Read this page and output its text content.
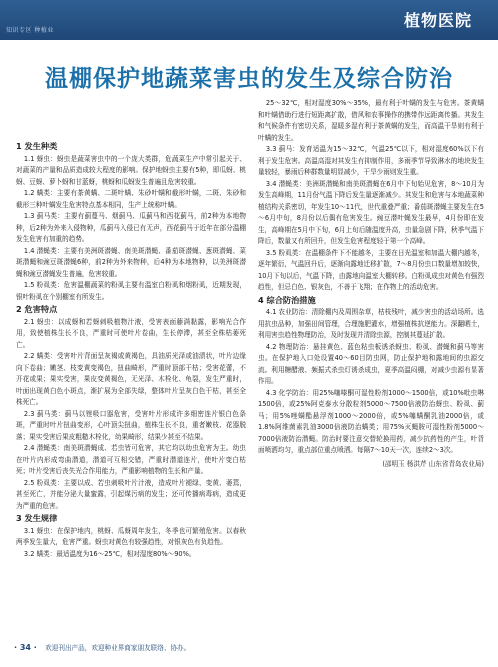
知识专区 种植业
植物医院
温棚保护地蔬菜害虫的发生及综合防治
1 发生种类
1.1 蚜虫：蚜虫是蔬菜害虫中的一个庞大类群，危蔬菜生产中常引起关于、对蔬菜的产量和品质造成较大程度的影响。保护地蚜虫主要有5种，即瓜蚜、桃蚜、豆蚜、萝卜蚜和甘蓝蚜，桃蚜和瓜蚜发生普遍且危害较重。
1.2 螨类：主要有茶黄螨、二斑叶螨、朱砂叶螨和截形叶螨，二斑、朱砂和截形三种叶螨发生危害特点基本相同，生产上统称叶螨。
1.3 蓟马类：主要有蓟蔓马、烟蓟马、瓜蓟马和西花蓟马，前2种为本地物种，后2种为外来入侵物种，瓜蓟马入侵已有无声，西花蓟马于近年在部分温棚发生危害有加重的趋势。
1.4 潜蝇类：主要有美洲斑潜蝇、南美斑潜蝇、番茄斑潜蝇、葱斑潜蝇、菜斑潜蝇和豌豆斑潜蝇6种，前2种为外来物种，后4种为本地物种，以美洲斑潜蝇和豌豆潜蝇发生普遍，危害较重。
1.5 粉虱类：危害温棚蔬菜的粉虱主要有温室白粉虱和烟粉虱，近期发现，银叶粉虱在个别棚室有所发生。
2 危害特点
2.1 蚜虫：以成蚜和若蚜刺吸植物汁液，受害表面藤满黏露，影响光合作用，致使植株生长不良，严重时可使叶片卷曲，生长停滞，甚至全株枯萎死亡。
2.2 螨类：受害叶片背面呈灰褐或黄褐色，具油质光泽或油渍状，叶片边缘向下卷曲；嫩茎、枝变黄变褐色，扭曲畸形，严重时顶部干枯；受害花蕾，不开花或果；果实受害，果皮变黄褐色，无光泽、木栓化、龟裂，发生严重时，叶面出现黄白色小斑点，渐扩展为全部失绿，整体叶片呈灰白色干枯，甚至全株死亡。
2.3 蓟马类：蓟马以锉吸口器危害，受害叶片形成许多细密连片银白色条斑，严重时叶片扭曲变形，心叶顶尖扭曲，植株生长不良，重者嫩枝、花器脱落；果实受害后果皮粗糙木栓化，幼果畸形，结果少甚至不结果。
2.4 潜蝇类：南美斑潜蝇成、若虫皆可危害，其它均以幼虫危害为主。幼虫在叶片内形成弯曲潜道，潜道可互相交错，严重时潜道连片，使叶片变白枯死；叶片受害后丧失光合作用能力，严重影响植物的生长和产量。
2.5 粉虱类：主要以成、若虫刺吸叶片汁液，造成叶片褪绿、变黄、萎蔫，甚至死亡，并能分泌大量蜜露，引起煤污病的发生；还可传播病毒病，造成更为严重的危害。
3 发生规律
3.1 蚜虫：在保护地内，桃蚜、瓜蚜周年发生，冬季也可繁殖危害。以春秋两季发生量大，危害严重。蚜虫对黄色有较强趋性，对银灰色有负趋性。
3.2 螨类：最适温度为16～25℃，相对湿度80%～90%。
25～32℃，相对湿度30%～35%，最有利于叶螨的发生与危害。茶黄螨和叶螨借助行进行短距离扩散，借风和农事操作的携带作远距离传播。其发生和气候条件有密切关系，湿暖多湿有利于茶黄螨的发生，而高温干旱则有利于叶螨的发生。
3.3 蓟马：发育适温为15～32℃，气温25℃以下，相对湿度60%以下有利于发生危害。高温高湿对其发生有抑制作用，多雨季节导致淋水的地块发生量较轻，暴雨后种群数量明显减少，干旱少雨则发生重。
3.4 潜蝇类：美洲斑潜蝇和南美斑潜蝇在6月中下旬始见危害，8～10月为发生高峰期，11月份气温下降后发生量逐渐减少。其发生和危害与本地蔬菜种植结构关系密切，年发生10～11代，世代重叠严重；番茄斑潜蝇主要发生在5～6月中旬，8月份以后偶有危害发生。豌豆潜叶蝇发生最早，4月份即在发生，高峰期在5月中下旬，6月上旬后随温度升高，虫量急剧下降，秋季气温下降后，数量又有所回升，但发生危害程度轻于第一个高峰。
3.5 粉虱类：在温棚条件下不能越冬，主要在日光温室和加温大棚内越冬，逐年繁衍，气温回升后，逐渐向露地迁移扩散，7～8月份虫口数量增加较快，10月下旬以后，气温下降，由露地向温室大棚转移。白粉虱成虫对黄色有强烈趋性，但忌白色、银灰色，不善于飞翔；在作物上的活动危害。
4 综合防治措施
4.1 农业防治：清除棚内及周围杂草，枯枝残叶，减少害虫的活动场所。选用抗虫品种，加强田间管理，合理施肥灌水，增强植株抗逆能力。深翻晒土，利用害虫趋性物理防治，及时发现并清除虫源，控制其蔓延扩散。
4.2 物理防治：悬挂黄色、蓝色粘虫板诱杀蚜虫、粉虱、潜蝇和蓟马等害虫。在保护地入口处设置40～60目防虫网，防止保护地和露地间的虫源交流。利用糖醋液、频振式杀虫灯诱杀成虫，夏季高温闷棚，对减少虫源有显著作用。
4.3 化学防治：用25%噻嗪酮可湿性粉剂1000～1500倍，或10%吡虫啉1500倍，或25%阿克泰水分散粒剂5000～7500倍液防治蚜虫、粉虱、蓟马；用5%唑螨酯悬浮剂1000～2000倍，或5%噻螨酮乳油2000倍，或1.8%阿维菌素乳油3000倍液防治螨类；用75%灭蝇胺可湿性粉剂5000～7000倍液防治潜蝇。防治时要注意交替轮换用药，减少抗药性的产生，叶背面喷洒均匀，重点部位重点喷洒。每隔7～10天一次，连续2～3次。
(邵明玉 杨洪芹 山东省青岛农业局)
· 34 · 欢迎刊出产品，欢迎种业界商家朋友联络、协办。
